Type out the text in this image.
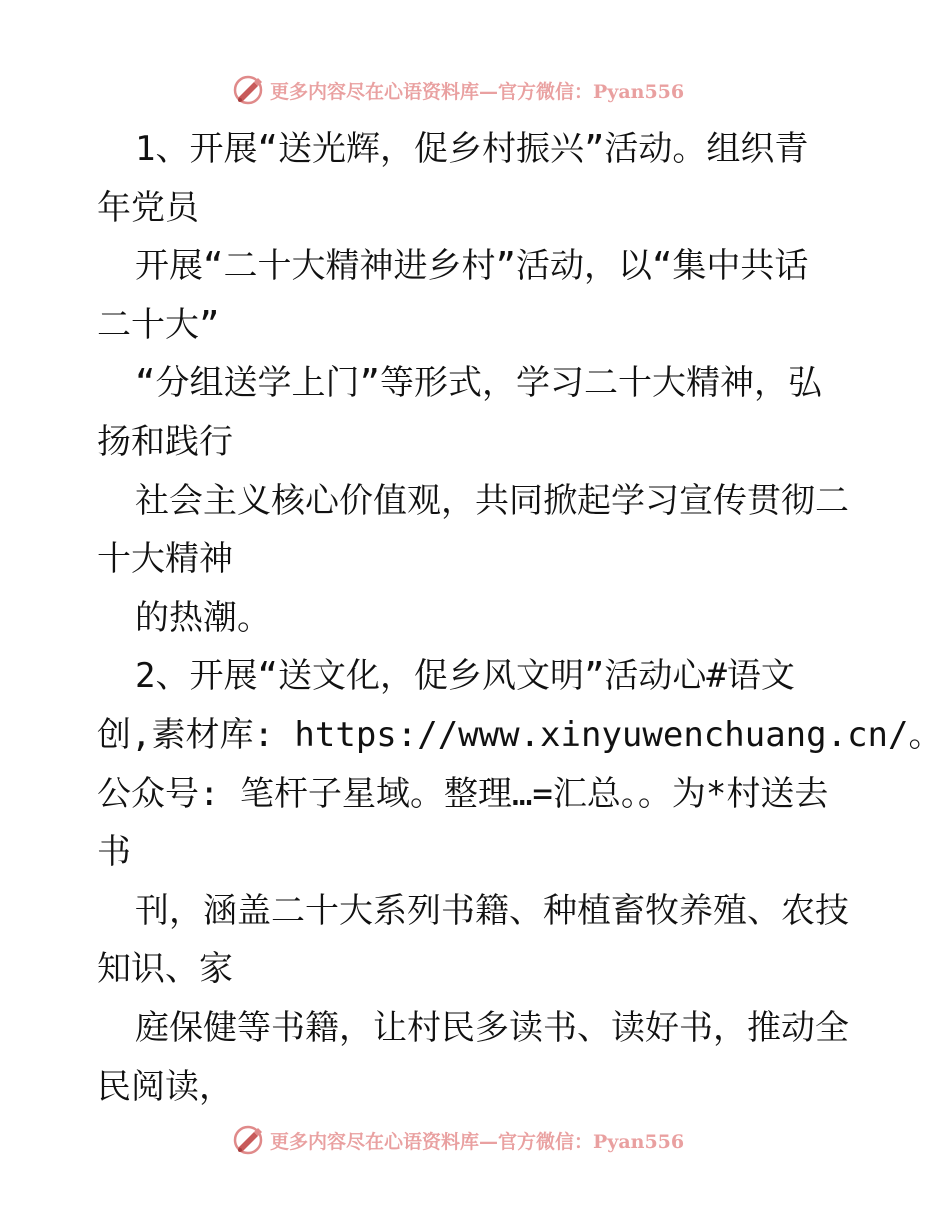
更多内容尽在心语资料库—官方微信：Pyan556
1、开展“送光辉，促乡村振兴”活动。组织青
年党员
开展“二十大精神进乡村”活动，以“集中共话
二十大”
“分组送学上门”等形式，学习二十大精神，弘
扬和践行
社会主义核心价值观，共同掀起学习宣传贯彻二
十大精神
的热潮。
2、开展“送文化，促乡风文明”活动心#语文
创,素材库: https://www.xinyuwenchuang.cn/。
公众号: 笔杆子星域。整理…=汇总。。为*村送去
书
刊，涵盖二十大系列书籍、种植畜牧养殖、农技
知识、家
庭保健等书籍，让村民多读书、读好书，推动全
民阅读，
更多内容尽在心语资料库—官方微信：Pyan556
